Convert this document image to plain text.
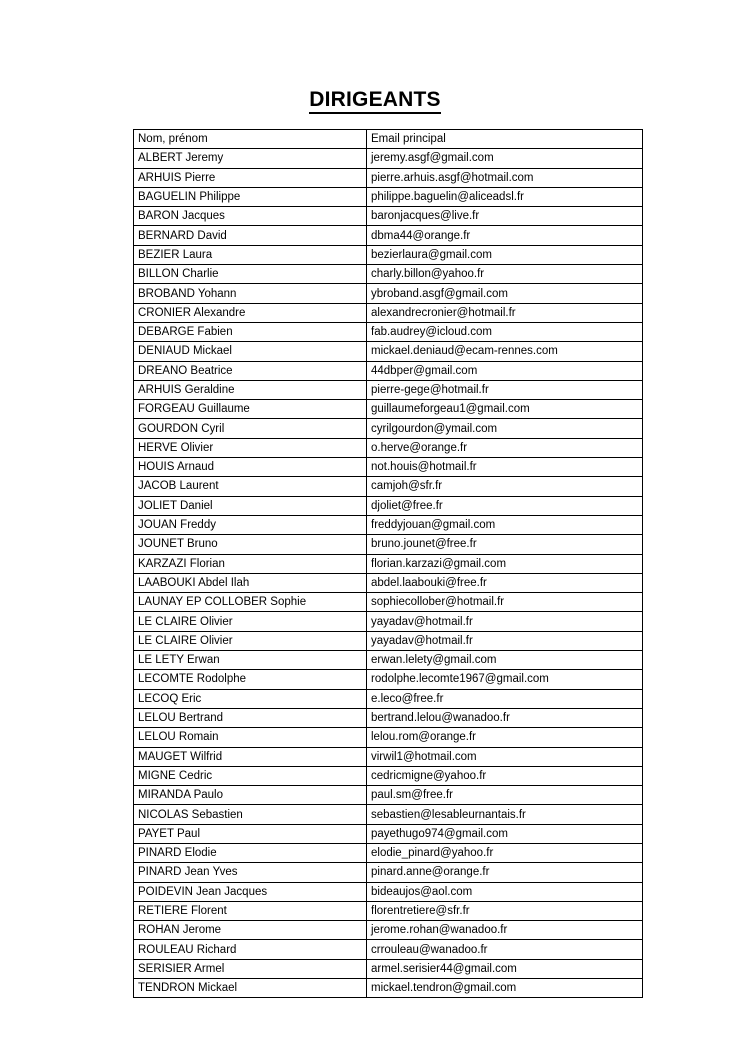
DIRIGEANTS
Nom, prénom	Email principal
ALBERT Jeremy	jeremy.asgf@gmail.com
ARHUIS Pierre	pierre.arhuis.asgf@hotmail.com
BAGUELIN Philippe	philippe.baguelin@aliceadsl.fr
BARON Jacques	baronjacques@live.fr
BERNARD David	dbma44@orange.fr
BEZIER Laura	bezierlaura@gmail.com
BILLON Charlie	charly.billon@yahoo.fr
BROBAND Yohann	ybroband.asgf@gmail.com
CRONIER Alexandre	alexandrecronier@hotmail.fr
DEBARGE Fabien	fab.audrey@icloud.com
DENIAUD Mickael	mickael.deniaud@ecam-rennes.com
DREANO Beatrice	44dbper@gmail.com
ARHUIS Geraldine	pierre-gege@hotmail.fr
FORGEAU Guillaume	guillaumeforgeau1@gmail.com
GOURDON Cyril	cyrilgourdon@ymail.com
HERVE Olivier	o.herve@orange.fr
HOUIS Arnaud	not.houis@hotmail.fr
JACOB Laurent	camjoh@sfr.fr
JOLIET Daniel	djoliet@free.fr
JOUAN Freddy	freddyjouan@gmail.com
JOUNET Bruno	bruno.jounet@free.fr
KARZAZI Florian	florian.karzazi@gmail.com
LAABOUKI Abdel Ilah	abdel.laabouki@free.fr
LAUNAY EP COLLOBER Sophie	sophiecollober@hotmail.fr
LE CLAIRE Olivier	yayadav@hotmail.fr
LE CLAIRE Olivier	yayadav@hotmail.fr
LE LETY Erwan	erwan.lelety@gmail.com
LECOMTE Rodolphe	rodolphe.lecomte1967@gmail.com
LECOQ Eric	e.leco@free.fr
LELOU Bertrand	bertrand.lelou@wanadoo.fr
LELOU Romain	lelou.rom@orange.fr
MAUGET Wilfrid	virwil1@hotmail.com
MIGNE Cedric	cedricmigne@yahoo.fr
MIRANDA Paulo	paul.sm@free.fr
NICOLAS Sebastien	sebastien@lesableurnantais.fr
PAYET Paul	payethugo974@gmail.com
PINARD Elodie	elodie_pinard@yahoo.fr
PINARD Jean Yves	pinard.anne@orange.fr
POIDEVIN Jean Jacques	bideaujos@aol.com
RETIERE Florent	florentretiere@sfr.fr
ROHAN Jerome	jerome.rohan@wanadoo.fr
ROULEAU Richard	crrouleau@wanadoo.fr
SERISIER Armel	armel.serisier44@gmail.com
TENDRON Mickael	mickael.tendron@gmail.com
